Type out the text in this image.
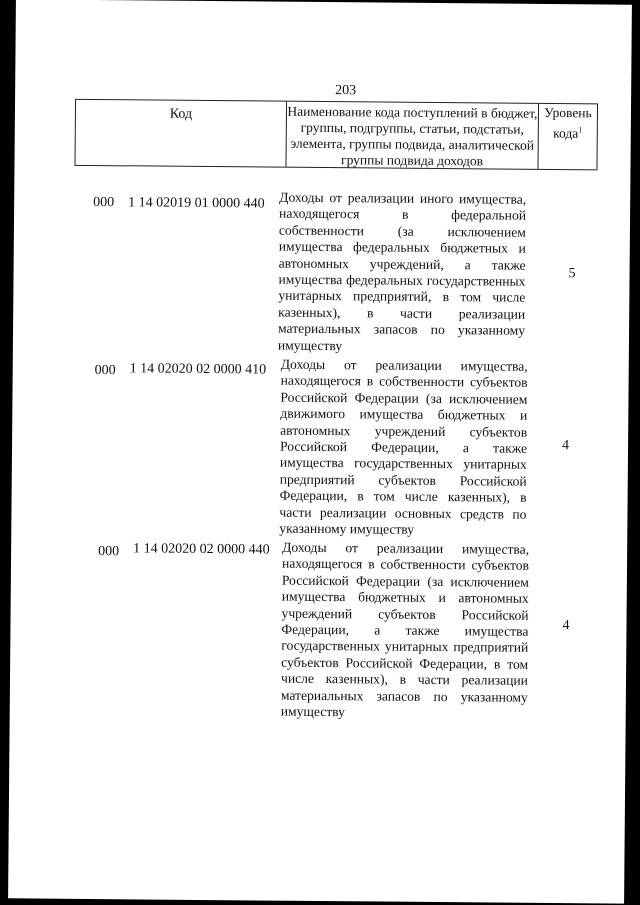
203
Код	Наименование кода поступлений в бюджет, группы, подгруппы, статьи, подстатьи, элемента, группы подвида, аналитической группы подвида доходов
Уровень кода$^1$
000 1 14 02019 01 0000 440 Доходы от реализации иного имущества, находящегося в федеральной собственности (за исключением имущества федеральных бюджетных и автономных учреждений, а также имущества федеральных государственных унитарных предприятий, в том числе казенных), в части реализации материальных запасов по указанному имуществу
5
000 1 14 02020 02 0000 410 Доходы от реализации имущества, находящегося в собственности субъектов Российской Федерации (за исключением движимого имущества бюджетных и автономных учреждений субъектов Российской Федерации, а также имущества государственных унитарных предприятий субъектов Российской Федерации, в том числе казенных), в части реализации основных средств по указанному имуществу
4
000 1 14 02020 02 0000 440 Доходы от реализации имущества, находящегося в собственности субъектов Российской Федерации (за исключением имущества бюджетных и автономных учреждений субъектов Российской Федерации, а также имущества государственных унитарных предприятий субъектов Российской Федерации, в том числе казенных), в части реализации материальных запасов по указанному имуществу
4
